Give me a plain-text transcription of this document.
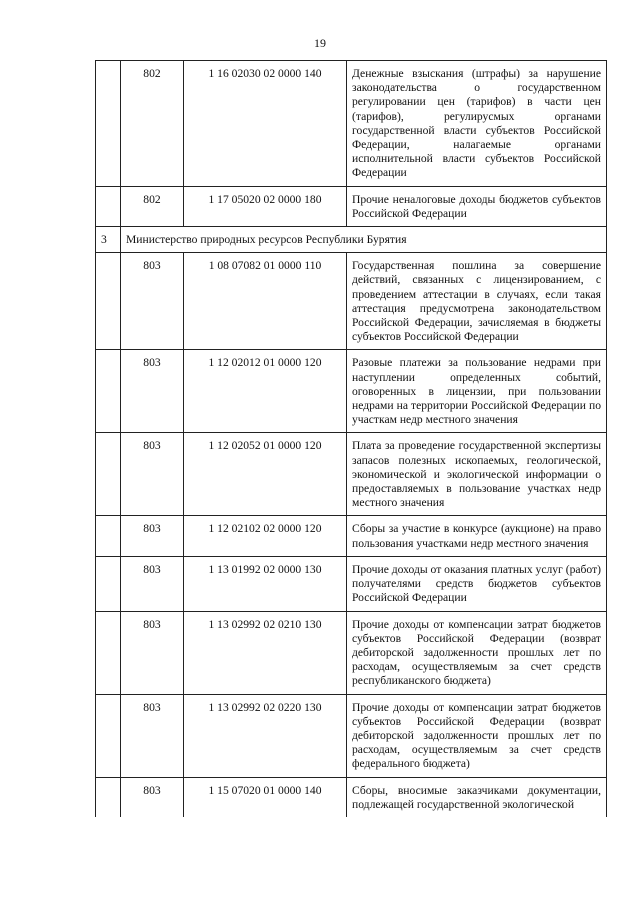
19
	802	1 16 02030 02 0000 140	Денежные взыскания (штрафы) за нарушение законодательства о государственном регулировании цен (тарифов) в части цен (тарифов), регулирусмых органами государственной власти субъектов Российской Федерации, налагаемые органами исполнительной власти субъектов Российской Федерации
	802	1 17 05020 02 0000 180	Прочие неналоговые доходы бюджетов субъектов Российской Федерации
3	Министерство природных ресурсов Республики Бурятия		
	803	1 08 07082 01 0000 110	Государственная пошлина за совершение действий, связанных с лицензированием, с проведением аттестации в случаях, если такая аттестация предусмотрена законодательством Российской Федерации, зачисляемая в бюджеты субъектов Российской Федерации
	803	1 12 02012 01 0000 120	Разовые платежи за пользование недрами при наступлении определенных событий, оговоренных в лицензии, при пользовании недрами на территории Российской Федерации по участкам недр местного значения
	803	1 12 02052 01 0000 120	Плата за проведение государственной экспертизы запасов полезных ископаемых, геологической, экономической и экологической информации о предоставляемых в пользование участках недр местного значения
	803	1 12 02102 02 0000 120	Сборы за участие в конкурсе (аукционе) на право пользования участками недр местного значения
	803	1 13 01992 02 0000 130	Прочие доходы от оказания платных услуг (работ) получателями средств бюджетов субъектов Российской Федерации
	803	1 13 02992 02 0210 130	Прочие доходы от компенсации затрат бюджетов субъектов Российской Федерации (возврат дебиторской задолженности прошлых лет по расходам, осуществляемым за счет средств республиканского бюджета)
	803	1 13 02992 02 0220 130	Прочие доходы от компенсации затрат бюджетов субъектов Российской Федерации (возврат дебиторской задолженности прошлых лет по расходам, осуществляемым за счет средств федерального бюджета)
	803	1 15 07020 01 0000 140	Сборы, вносимые заказчиками документации, подлежащей государственной экологической
